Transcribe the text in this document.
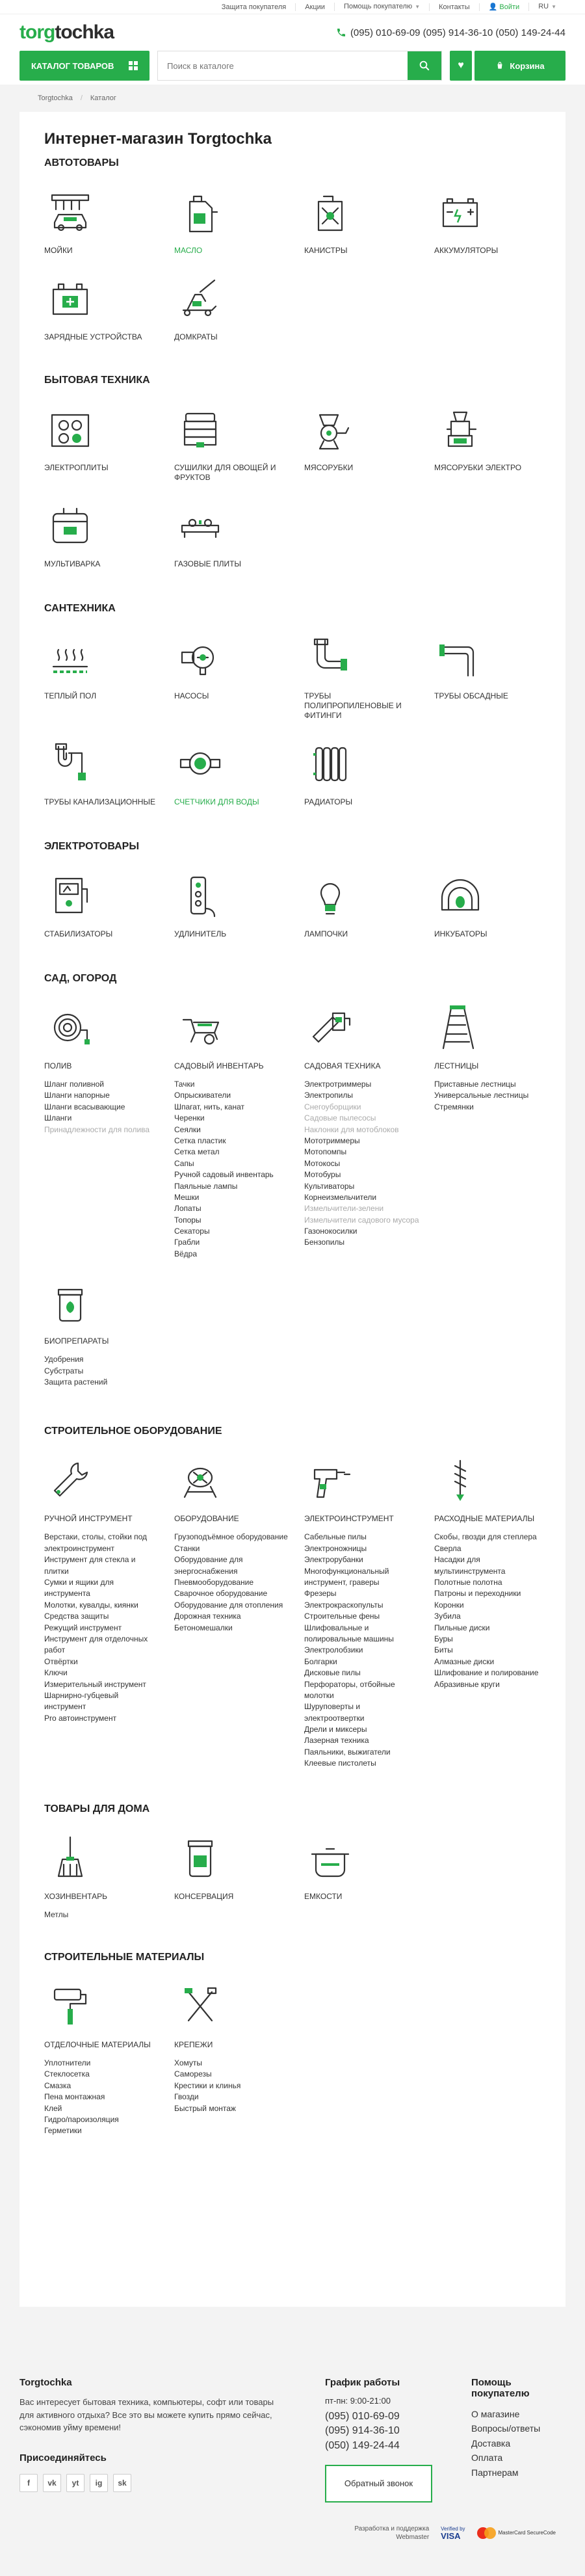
Защита покупателя	Акции	Помощь покупателю ▼	Контакты	👤 Войти	RU ▼
torgtochka	(095) 010-69-09 (095) 914-36-10 (050) 149-24-44
КАТАЛОГ ТОВАРОВ
Поиск в каталоге	♥	Корзина
Torgtochka / Каталог
Интернет-магазин Torgtochka
АВТОТОВАРЫ
МОЙКИ	МАСЛО	КАНИСТРЫ	АККУМУЛЯТОРЫ
ЗАРЯДНЫЕ УСТРОЙСТВА	ДОМКРАТЫ
БЫТОВАЯ ТЕХНИКА
ЭЛЕКТРОПЛИТЫ	СУШИЛКИ ДЛЯ ОВОЩЕЙ И ФРУКТОВ
МЯСОРУБКИ	МЯСОРУБКИ ЭЛЕКТРО
МУЛЬТИВАРКА	ГАЗОВЫЕ ПЛИТЫ
САНТЕХНИКА
ТЕПЛЫЙ ПОЛ	НАСОСЫ	ТРУБЫ ПОЛИПРОПИЛЕНОВЫЕ И ФИТИНГИ
ТРУБЫ ОБСАДНЫЕ
ТРУБЫ КАНАЛИЗАЦИОННЫЕ	СЧЕТЧИКИ ДЛЯ ВОДЫ	РАДИАТОРЫ
ЭЛЕКТРОТОВАРЫ
СТАБИЛИЗАТОРЫ	УДЛИНИТЕЛЬ	ЛАМПОЧКИ	ИНКУБАТОРЫ
САД, ОГОРОД
ПОЛИВ
Шланг поливной
Шланги напорные
Шланги всасывающие
Шланги
Принадлежности для полива
САДОВЫЙ ИНВЕНТАРЬ
Тачки
Опрыскиватели
Шпагат, нить, канат
Черенки
Сеялки
Сетка пластик
Сетка метал
Сапы
Ручной садовый инвентарь
Паяльные лампы
Мешки
Лопаты
Топоры
Секаторы
Грабли
Вёдра
САДОВАЯ ТЕХНИКА
Электротриммеры
Электропилы
Снегоуборщики
Садовые пылесосы
Наклонки для мотоблоков
Мототриммеры
Мотопомпы
Мотокосы
Мотобуры
Культиваторы
Корнеизмельчители
Измельчители-зелени
Измельчители садового мусора
Газонокосилки
Бензопилы
ЛЕСТНИЦЫ
Приставные лестницы
Универсальные лестницы
Стремянки
БИОПРЕПАРАТЫ
Удобрения
Субстраты
Защита растений
СТРОИТЕЛЬНОЕ ОБОРУДОВАНИЕ
РУЧНОЙ ИНСТРУМЕНТ
Верстаки, столы, стойки под электроинструмент
Инструмент для стекла и плитки
Сумки и ящики для инструмента
Молотки, кувалды, киянки
Средства защиты
Режущий инструмент
Инструмент для отделочных работ
Отвёртки
Ключи
Измерительный инструмент
Шарнирно-губцевый инструмент
Pro автоинструмент
ОБОРУДОВАНИЕ
Грузоподъёмное оборудование
Станки
Оборудование для энергоснабжения
Пневмооборудование
Сварочное оборудование
Оборудование для отопления
Дорожная техника
Бетономешалки
ЭЛЕКТРОИНСТРУМЕНТ
Сабельные пилы
Электроножницы
Электрорубанки
Многофункциональный инструмент, граверы
Фрезеры
Электрокраскопульты
Строительные фены
Шлифовальные и полировальные машины
Электролобзики
Болгарки
Дисковые пилы
Перфораторы, отбойные молотки
Шуруповерты и электроотвертки
Дрели и миксеры
Лазерная техника
Паяльники, выжигатели
Клеевые пистолеты
РАСХОДНЫЕ МАТЕРИАЛЫ
Скобы, гвозди для степлера
Сверла
Насадки для мультиинструмента
Полотные полотна
Патроны и переходники
Коронки
Зубила
Пильные диски
Буры
Биты
Алмазные диски
Шлифование и полирование
Абразивные круги
ТОВАРЫ ДЛЯ ДОМА
ХОЗИНВЕНТАРЬ
Метлы
КОНСЕРВАЦИЯ	ЕМКОСТИ
СТРОИТЕЛЬНЫЕ МАТЕРИАЛЫ
ОТДЕЛОЧНЫЕ МАТЕРИАЛЫ
Уплотнители
Стеклосетка
Смазка
Пена монтажная
Клей
Гидро/пароизоляция
Герметики
КРЕПЕЖИ
Хомуты
Саморезы
Крестики и клинья
Гвозди
Быстрый монтаж
Torgtochka
Вас интересует бытовая техника, компьютеры, софт или товары для активного отдыха? Все это вы можете купить прямо сейчас, сэкономив уйму времени!
Присоединяйтесь
f	vk	yt	ig	sk
График работы
пт-пн: 9:00-21:00
(095) 010-69-09
(095) 914-36-10
(050) 149-24-44
Обратный звонок
Помощь покупателю
О магазине
Вопросы/ответы
Доставка
Оплата
Партнерам
Разработка и поддержка
Webmaster
Verified by
VISA	MasterCard SecureCode
